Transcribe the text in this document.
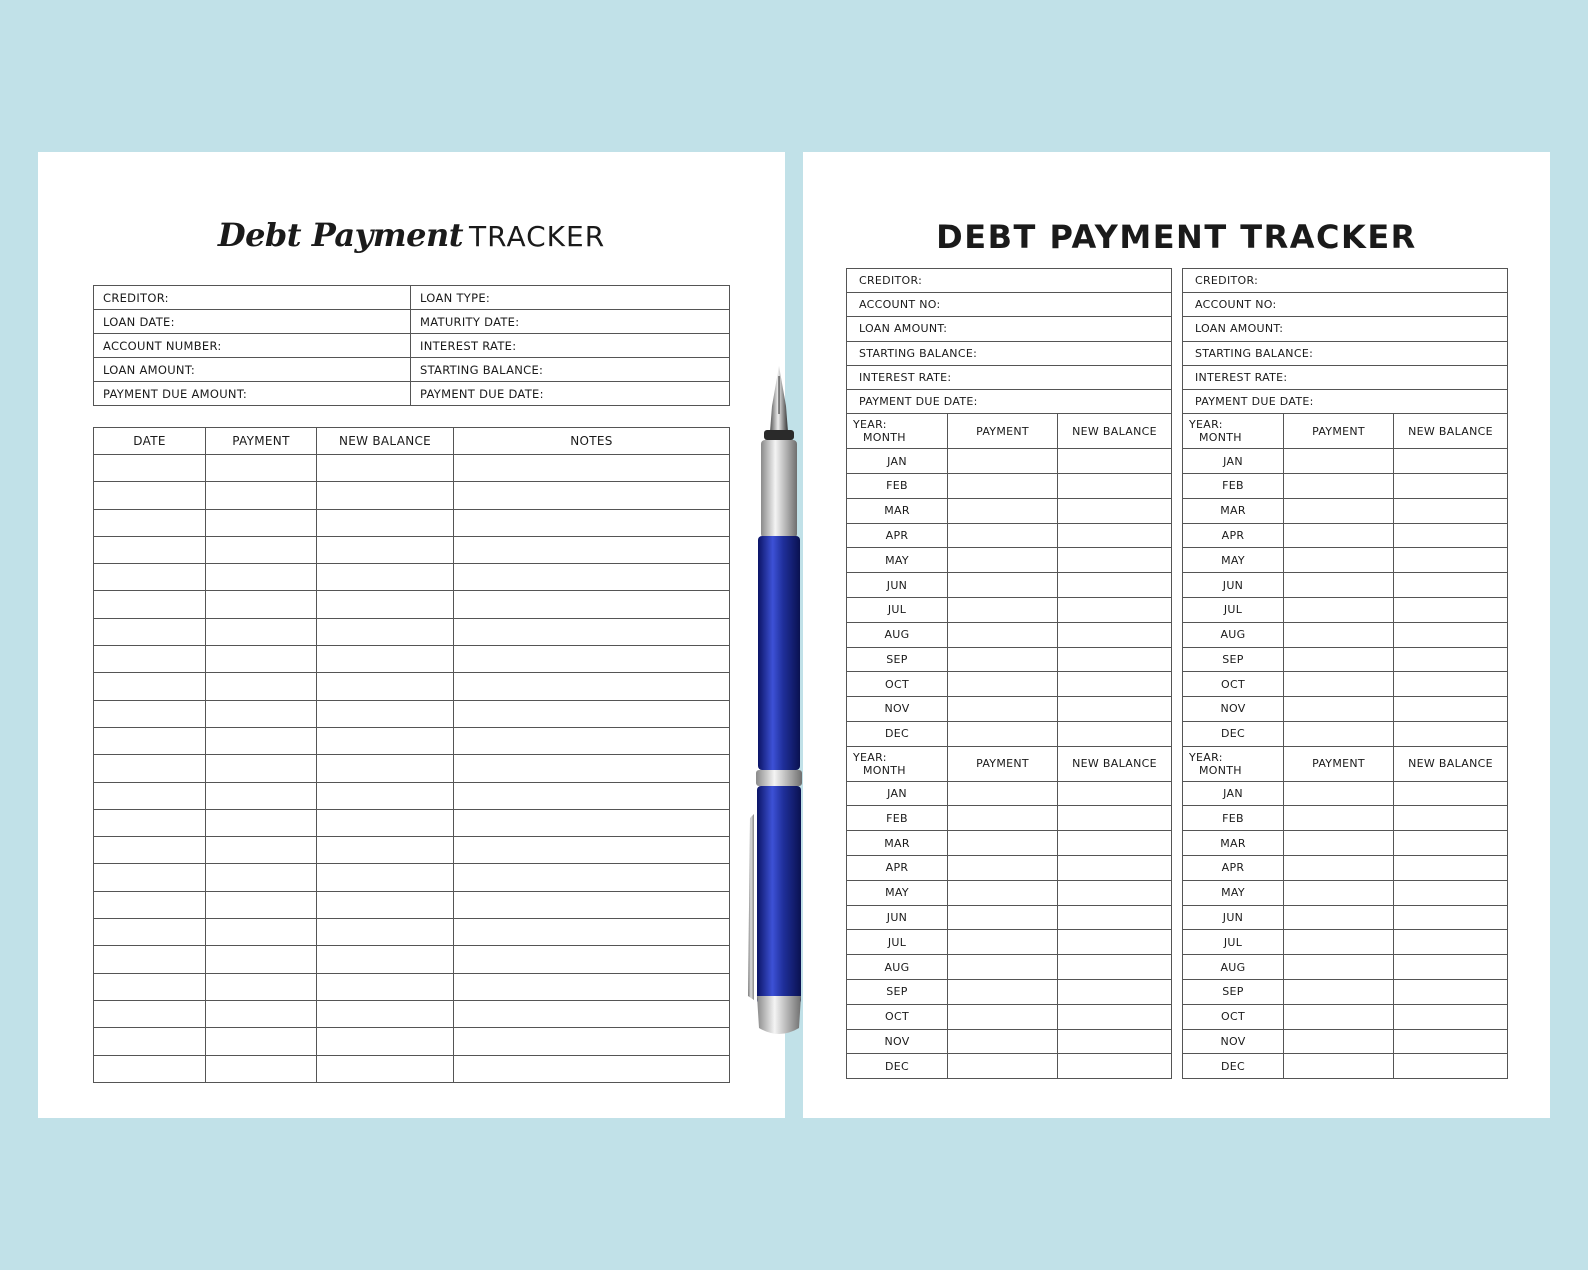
Debt Payment TRACKER
CREDITOR:	LOAN TYPE:
LOAN DATE:	MATURITY DATE:
ACCOUNT NUMBER:	INTEREST RATE:
LOAN AMOUNT:	STARTING BALANCE:
PAYMENT DUE AMOUNT:	PAYMENT DUE DATE:
DATE	PAYMENT	NEW BALANCE	NOTES

DEBT PAYMENT TRACKER
CREDITOR:		
ACCOUNT NO:		
LOAN AMOUNT:		
STARTING BALANCE:		
INTEREST RATE:		
PAYMENT DUE DATE:		
YEAR:
MONTH	PAYMENT	NEW BALANCE
JAN		
FEB		
MAR		
APR		
MAY		
JUN		
JUL		
AUG		
SEP		
OCT		
NOV		
DEC		
YEAR:
MONTH	PAYMENT	NEW BALANCE
JAN		
FEB		
MAR		
APR		
MAY		
JUN		
JUL		
AUG		
SEP		
OCT		
NOV		
DEC		
CREDITOR:		
ACCOUNT NO:		
LOAN AMOUNT:		
STARTING BALANCE:		
INTEREST RATE:		
PAYMENT DUE DATE:		
YEAR:
MONTH	PAYMENT	NEW BALANCE
JAN		
FEB		
MAR		
APR		
MAY		
JUN		
JUL		
AUG		
SEP		
OCT		
NOV		
DEC		
YEAR:
MONTH	PAYMENT	NEW BALANCE
JAN		
FEB		
MAR		
APR		
MAY		
JUN		
JUL		
AUG		
SEP		
OCT		
NOV		
DEC		
